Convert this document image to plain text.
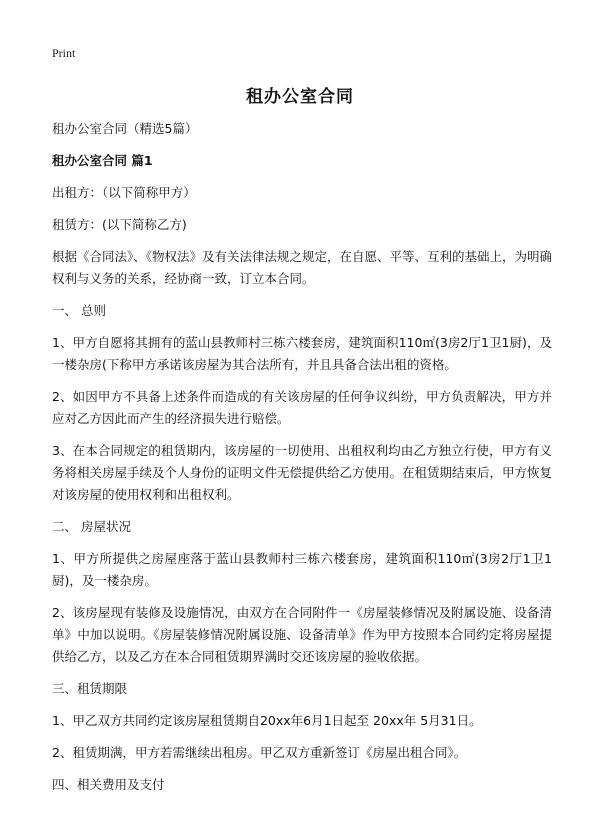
Print
租办公室合同

租办公室合同（精选5篇）

租办公室合同 篇1

出租方：（以下简称甲方）

租赁方：(以下简称乙方)

根据《合同法》、《物权法》及有关法律法规之规定，在自愿、平等、互利的基础上，为明确权利与义务的关系，经协商一致，订立本合同。

一、 总则

1、甲方自愿将其拥有的蓝山县教师村三栋六楼套房，建筑面积110㎡(3房2厅1卫1厨)，及一楼杂房(下称甲方承诺该房屋为其合法所有，并且具备合法出租的资格。

2、如因甲方不具备上述条件而造成的有关该房屋的任何争议纠纷，甲方负责解决，甲方并应对乙方因此而产生的经济损失进行赔偿。

3、在本合同规定的租赁期内，该房屋的一切使用、出租权利均由乙方独立行使，甲方有义务将相关房屋手续及个人身份的证明文件无偿提供给乙方使用。在租赁期结束后，甲方恢复对该房屋的使用权利和出租权利。

二、 房屋状况

1、甲方所提供之房屋座落于蓝山县教师村三栋六楼套房，建筑面积110㎡(3房2厅1卫1厨)，及一楼杂房。

2、该房屋现有装修及设施情况，由双方在合同附件一《房屋装修情况及附属设施、设备清单》中加以说明。《房屋装修情况附属设施、设备清单》作为甲方按照本合同约定将房屋提供给乙方，以及乙方在本合同租赁期界满时交还该房屋的验收依据。

三、租赁期限

1、甲乙双方共同约定该房屋租赁期自20xx年6月1日起至 20xx年 5月31日。

2、租赁期满，甲方若需继续出租房。甲乙双方重新签订《房屋出租合同》。

四、相关费用及支付
